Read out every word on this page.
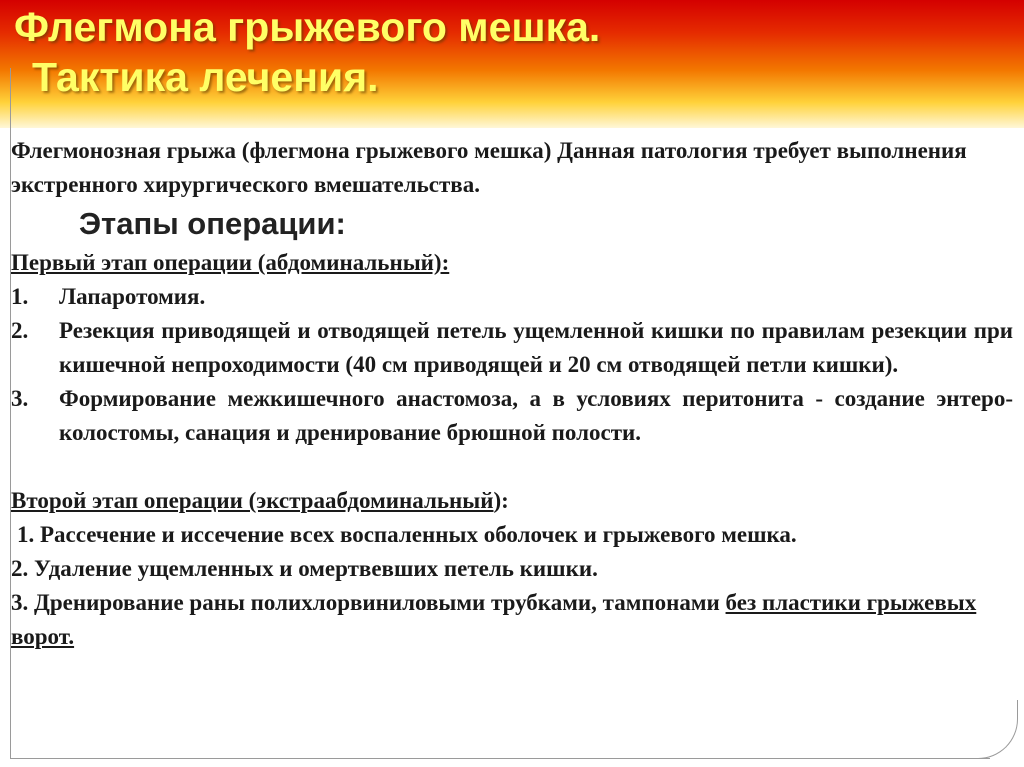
Флегмона грыжевого мешка.
Тактика лечения.

Флегмонозная грыжа (флегмона грыжевого мешка) Данная патология требует выполнения экстренного хирургического вмешательства.

Этапы операции:

Первый этап операции (абдоминальный):

1.	Лапаротомия.
2.	Резекция приводящей и отводящей петель ущемленной кишки по правилам резекции при кишечной непроходимости (40 см приводящей и 20 см отводящей петли кишки).
3.	Формирование межкишечного анастомоза, а в условиях перитонита - создание энтеро-колостомы, санация и дренирование брюшной полости.

Второй этап операции (экстраабдоминальный):

1. Рассечение и иссечение всех воспаленных оболочек и грыжевого мешка.

2. Удаление ущемленных и омертвевших петель кишки.

3. Дренирование раны полихлорвиниловыми трубками, тампонами без пластики грыжевых ворот.
